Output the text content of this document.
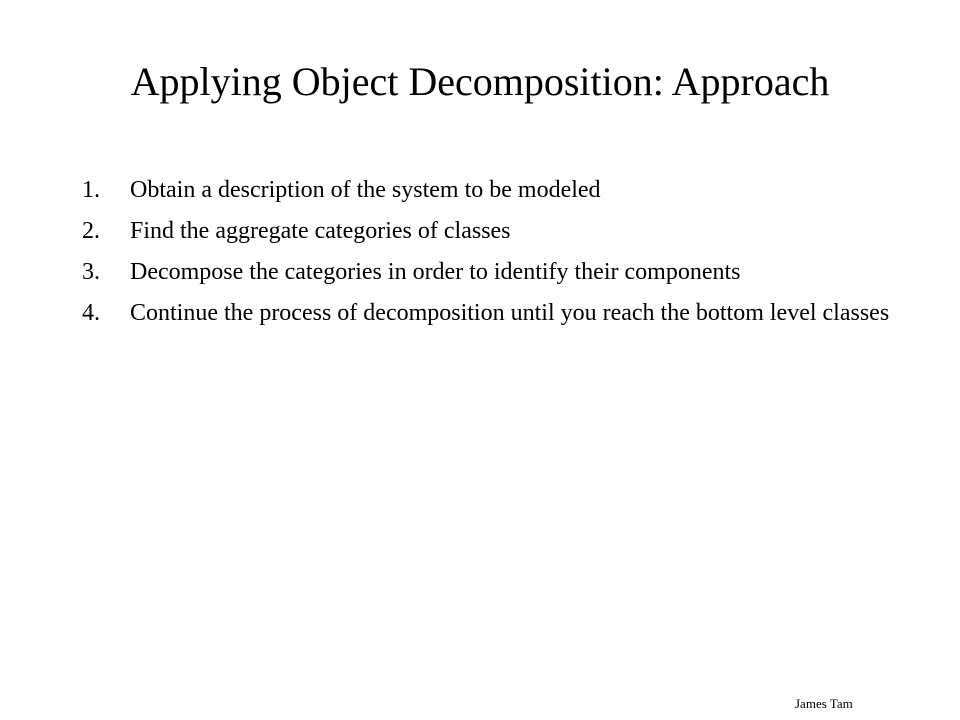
Applying Object Decomposition: Approach
1.	Obtain a description of the system to be modeled
2.	Find the aggregate categories of classes
3.	Decompose the categories in order to identify their components
4.	Continue the process of decomposition until you reach the bottom level classes
James Tam
